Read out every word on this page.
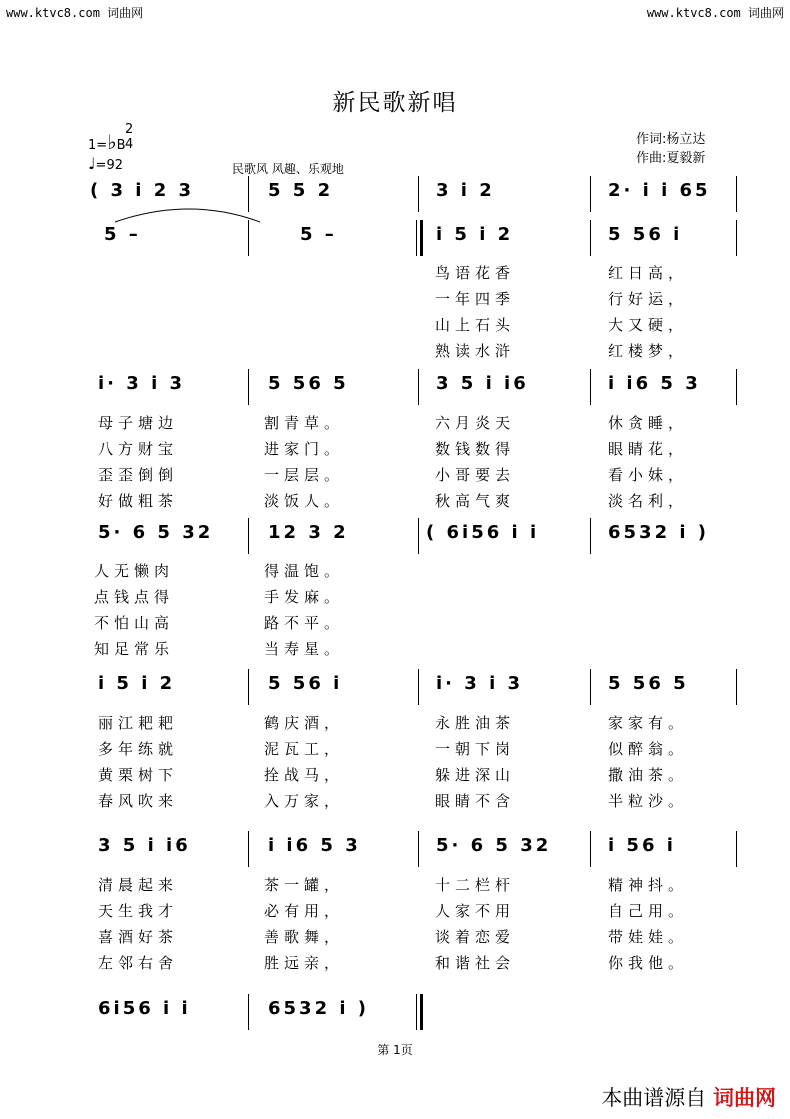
www.ktvc8.com 词曲网	www.ktvc8.com 词曲网
新民歌新唱
1=♭B
2
4
♩=92	民歌风 风趣、乐观地
作词:杨立达
作曲:夏毅新
( 3 i 2 3	5 5 2	3 i 2	2· i i 65
5 –	5 –	i 5 i 2	5 56 i
鸟语花香	红日高，
一年四季	行好运，
山上石头	大又硬，
熟读水浒	红楼梦，
i· 3 i 3	5 56 5	3 5 i i6	i i6 5 3
母子塘边	割青草。	六月炎天	休贪睡，
八方财宝	进家门。	数钱数得	眼睛花，
歪歪倒倒	一层层。	小哥要去	看小妹，
好做粗茶	淡饭人。	秋高气爽	淡名利，
5· 6 5 32	12 3 2	( 6i56 i i	6532 i )
人无懒肉	得温饱。
点钱点得	手发麻。
不怕山高	路不平。
知足常乐	当寿星。
i 5 i 2	5 56 i	i· 3 i 3	5 56 5
丽江耙耙	鹤庆酒，	永胜油茶	家家有。
多年练就	泥瓦工，	一朝下岗	似醉翁。
黄栗树下	拴战马，	躲进深山	撒油茶。
春风吹来	入万家，	眼睛不含	半粒沙。
3 5 i i6	i i6 5 3	5· 6 5 32	i 56 i
清晨起来	茶一罐，	十二栏杆	精神抖。
天生我才	必有用，	人家不用	自己用。
喜酒好茶	善歌舞，	谈着恋爱	带娃娃。
左邻右舍	胜远亲，	和谐社会	你我他。
6i56 i i	6532 i )
第 1页
本曲谱源自 词曲网
